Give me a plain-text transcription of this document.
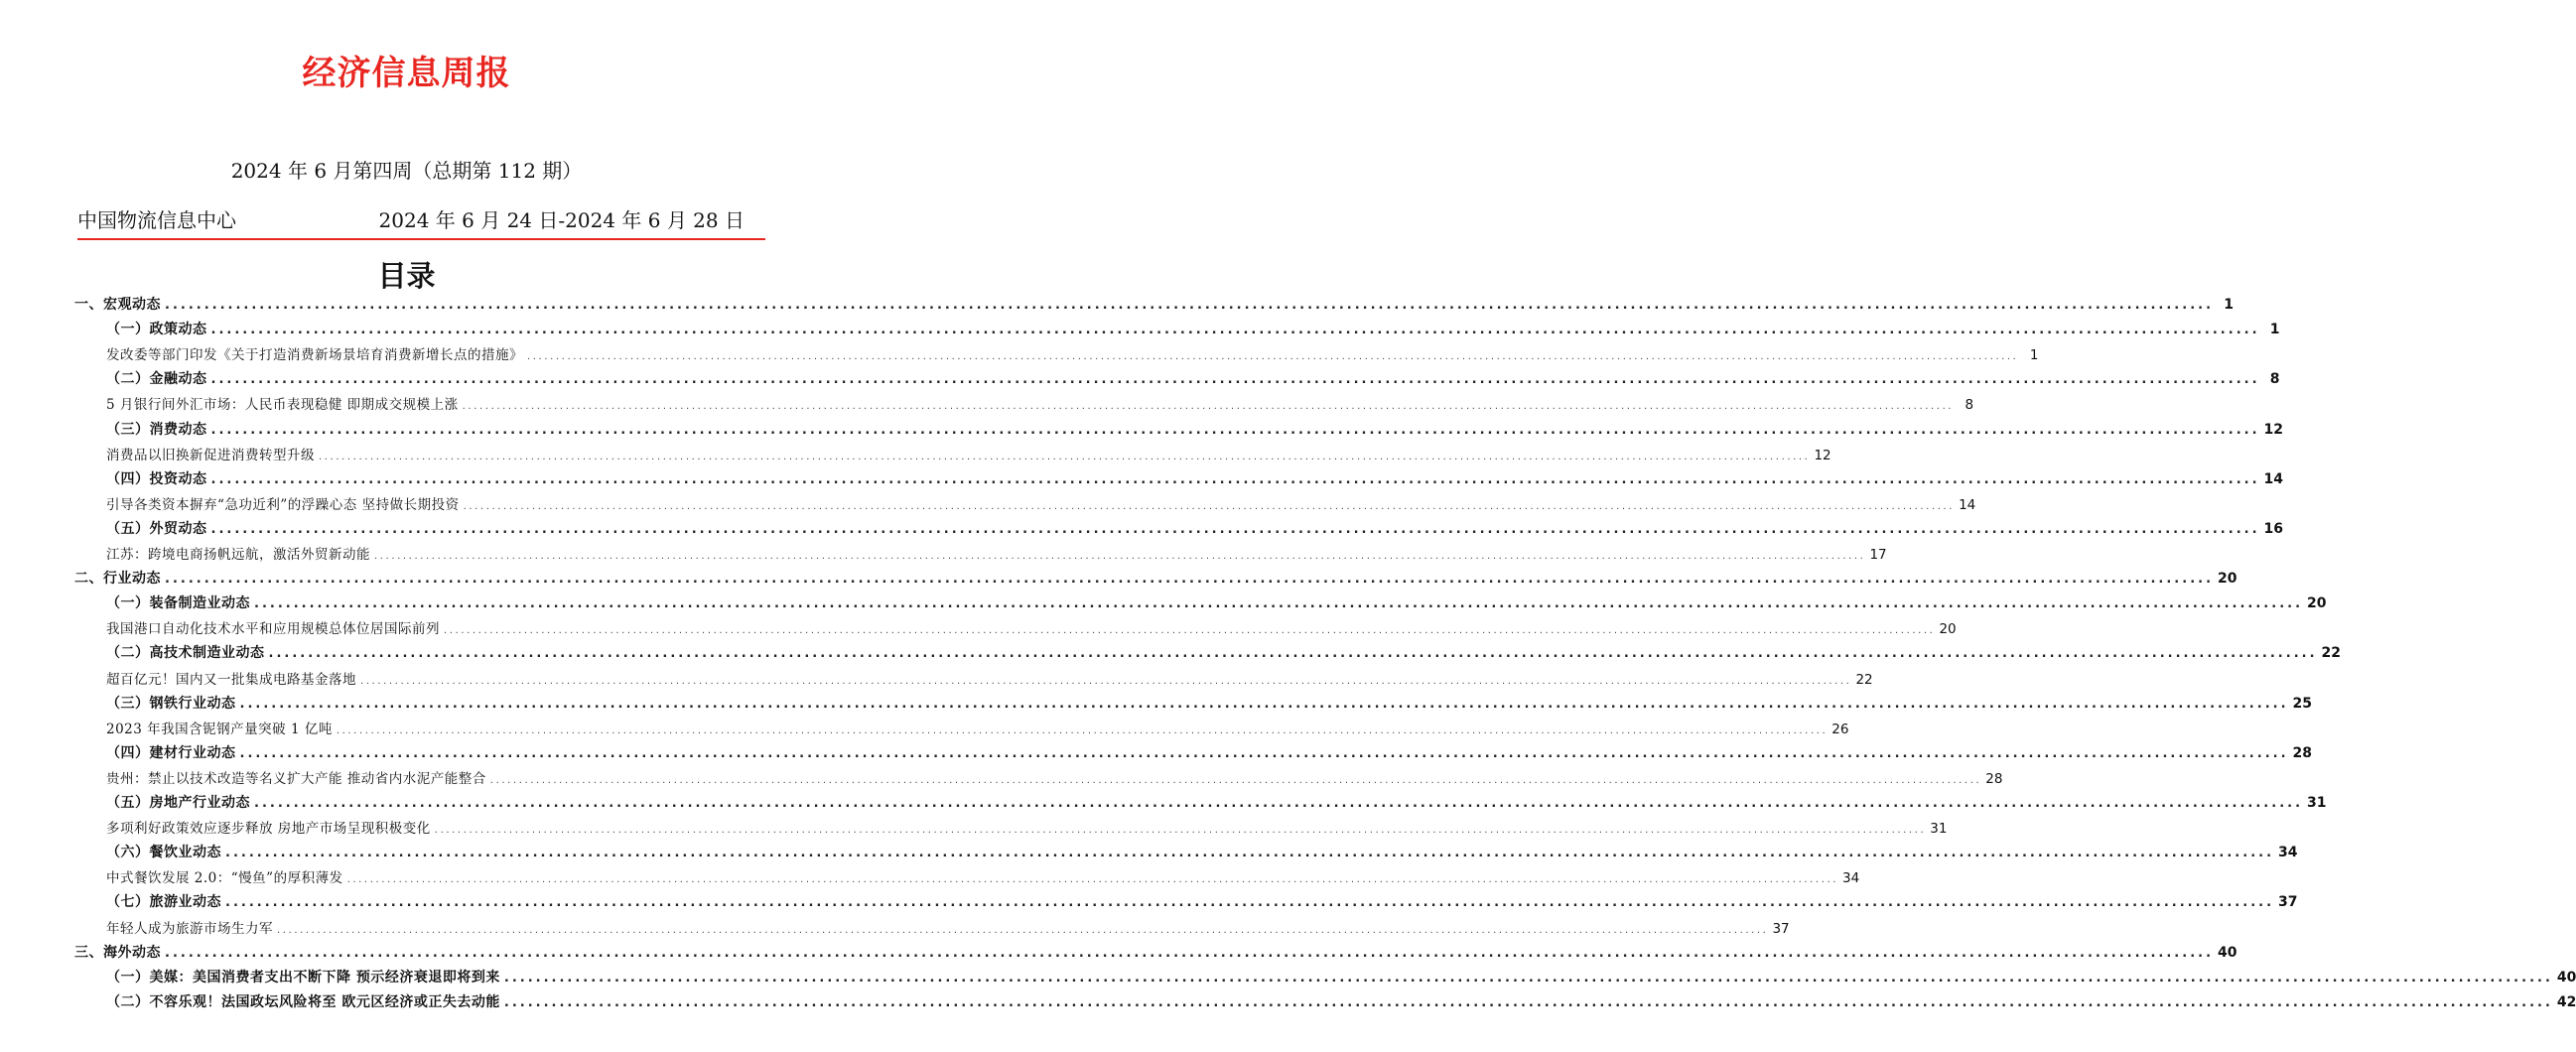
经济信息周报
2024 年 6 月第四周（总期第 112 期）
中国物流信息中心	2024 年 6 月 24 日-2024 年 6 月 28 日
目录
一、宏观动态 .................................................................................................................................................................................................................................................................... 1
（一）政策动态 .................................................................................................................................................................................................................................................................... 1
发改委等部门印发《关于打造消费新场景培育消费新增长点的措施》 .................................................................................................................................................................................................................................................................... 1
（二）金融动态 .................................................................................................................................................................................................................................................................... 8
5 月银行间外汇市场：人民币表现稳健 即期成交规模上涨 .................................................................................................................................................................................................................................................................... 8
（三）消费动态 .................................................................................................................................................................................................................................................................... 12
消费品以旧换新促进消费转型升级 .................................................................................................................................................................................................................................................................... 12
（四）投资动态 .................................................................................................................................................................................................................................................................... 14
引导各类资本摒弃“急功近利”的浮躁心态 坚持做长期投资 .................................................................................................................................................................................................................................................................... 14
（五）外贸动态 .................................................................................................................................................................................................................................................................... 16
江苏：跨境电商扬帆远航，激活外贸新动能 .................................................................................................................................................................................................................................................................... 17
二、行业动态 .................................................................................................................................................................................................................................................................... 20
（一）装备制造业动态 .................................................................................................................................................................................................................................................................... 20
我国港口自动化技术水平和应用规模总体位居国际前列 .................................................................................................................................................................................................................................................................... 20
（二）高技术制造业动态 .................................................................................................................................................................................................................................................................... 22
超百亿元！国内又一批集成电路基金落地 .................................................................................................................................................................................................................................................................... 22
（三）钢铁行业动态 .................................................................................................................................................................................................................................................................... 25
2023 年我国含铌钢产量突破 1 亿吨 .................................................................................................................................................................................................................................................................... 26
（四）建材行业动态 .................................................................................................................................................................................................................................................................... 28
贵州：禁止以技术改造等名义扩大产能 推动省内水泥产能整合 .................................................................................................................................................................................................................................................................... 28
（五）房地产行业动态 .................................................................................................................................................................................................................................................................... 31
多项利好政策效应逐步释放 房地产市场呈现积极变化 .................................................................................................................................................................................................................................................................... 31
（六）餐饮业动态 .................................................................................................................................................................................................................................................................... 34
中式餐饮发展 2.0：“慢鱼”的厚积薄发 .................................................................................................................................................................................................................................................................... 34
（七）旅游业动态 .................................................................................................................................................................................................................................................................... 37
年轻人成为旅游市场生力军 .................................................................................................................................................................................................................................................................... 37
三、海外动态 .................................................................................................................................................................................................................................................................... 40
（一）美媒：美国消费者支出不断下降 预示经济衰退即将到来 .................................................................................................................................................................................................................................................................... 40
（二）不容乐观！法国政坛风险将至 欧元区经济或正失去动能 .................................................................................................................................................................................................................................................................... 42
